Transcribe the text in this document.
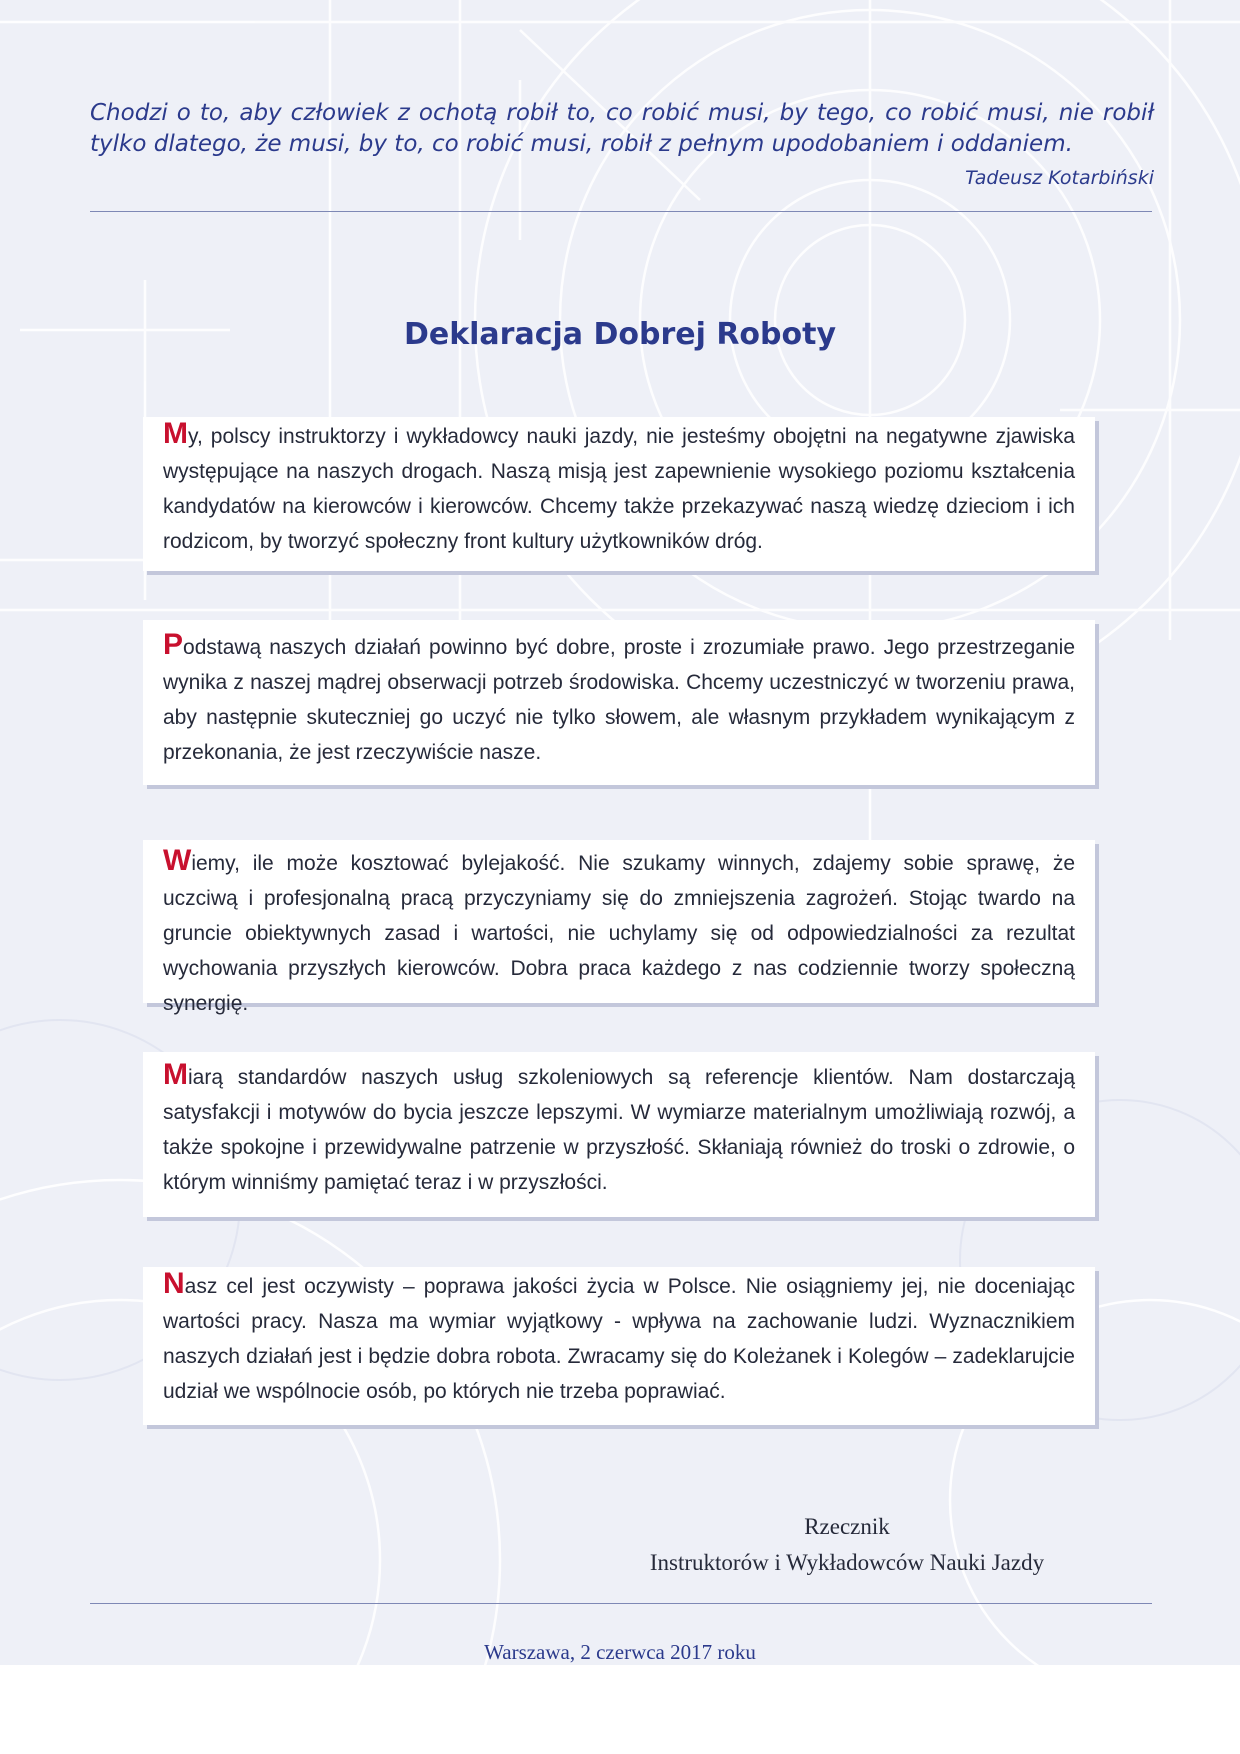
Chodzi o to, aby człowiek z ochotą robił to, co robić musi, by tego, co robić musi, nie robił tylko dlatego, że musi, by to, co robić musi, robił z pełnym upodobaniem i oddaniem.
Tadeusz Kotarbiński
Deklaracja Dobrej Roboty

My, polscy instruktorzy i wykładowcy nauki jazdy, nie jesteśmy obojętni na negatywne zjawiska występujące na naszych drogach. Naszą misją jest zapewnienie wysokiego poziomu kształcenia kandydatów na kierowców i kierowców. Chcemy także przekazywać naszą wiedzę dzieciom i ich rodzicom, by tworzyć społeczny front kultury użytkowników dróg.

Podstawą naszych działań powinno być dobre, proste i zrozumiałe prawo. Jego przestrzeganie wynika z naszej mądrej obserwacji potrzeb środowiska. Chcemy uczestniczyć w tworzeniu prawa, aby następnie skuteczniej go uczyć nie tylko słowem, ale własnym przykładem wynikającym z przekonania, że jest rzeczywiście nasze.

Wiemy, ile może kosztować bylejakość. Nie szukamy winnych, zdajemy sobie sprawę, że uczciwą i profesjonalną pracą przyczyniamy się do zmniejszenia zagrożeń. Stojąc twardo na gruncie obiektywnych zasad i wartości, nie uchylamy się od odpowiedzialności za rezultat wychowania przyszłych kierowców. Dobra praca każdego z nas codziennie tworzy społeczną synergię.

Miarą standardów naszych usług szkoleniowych są referencje klientów. Nam dostarczają satysfakcji i motywów do bycia jeszcze lepszymi. W wymiarze materialnym umożliwiają rozwój, a także spokojne i przewidywalne patrzenie w przyszłość. Skłaniają również do troski o zdrowie, o którym winniśmy pamiętać teraz i w przyszłości.

Nasz cel jest oczywisty – poprawa jakości życia w Polsce. Nie osiągniemy jej, nie doceniając wartości pracy. Nasza ma wymiar wyjątkowy - wpływa na zachowanie ludzi. Wyznacznikiem naszych działań jest i będzie dobra robota. Zwracamy się do Koleżanek i Kolegów – zadeklarujcie udział we wspólnocie osób, po których nie trzeba poprawiać.

Rzecznik
Instruktorów i Wykładowców Nauki Jazdy
Warszawa, 2 czerwca 2017 roku
